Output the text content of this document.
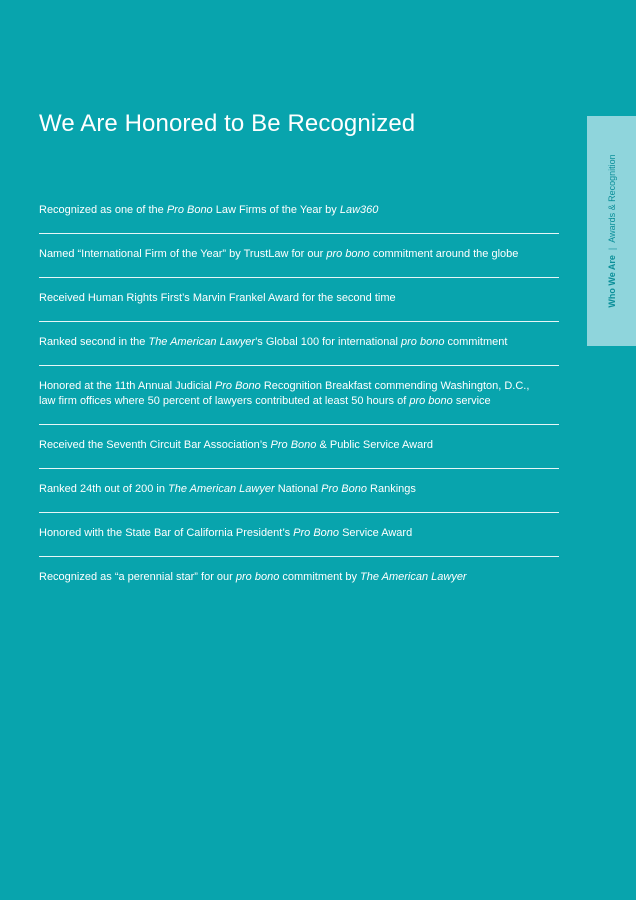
We Are Honored to Be Recognized
Recognized as one of the Pro Bono Law Firms of the Year by Law360
Named “International Firm of the Year” by TrustLaw for our pro bono commitment around the globe
Received Human Rights First’s Marvin Frankel Award for the second time
Ranked second in the The American Lawyer’s Global 100 for international pro bono commitment
Honored at the 11th Annual Judicial Pro Bono Recognition Breakfast commending Washington, D.C.,
law firm offices where 50 percent of lawyers contributed at least 50 hours of pro bono service
Received the Seventh Circuit Bar Association’s Pro Bono & Public Service Award
Ranked 24th out of 200 in The American Lawyer National Pro Bono Rankings
Honored with the State Bar of California President’s Pro Bono Service Award
Recognized as “a perennial star” for our pro bono commitment by The American Lawyer
Who We Are|Awards & Recognition
